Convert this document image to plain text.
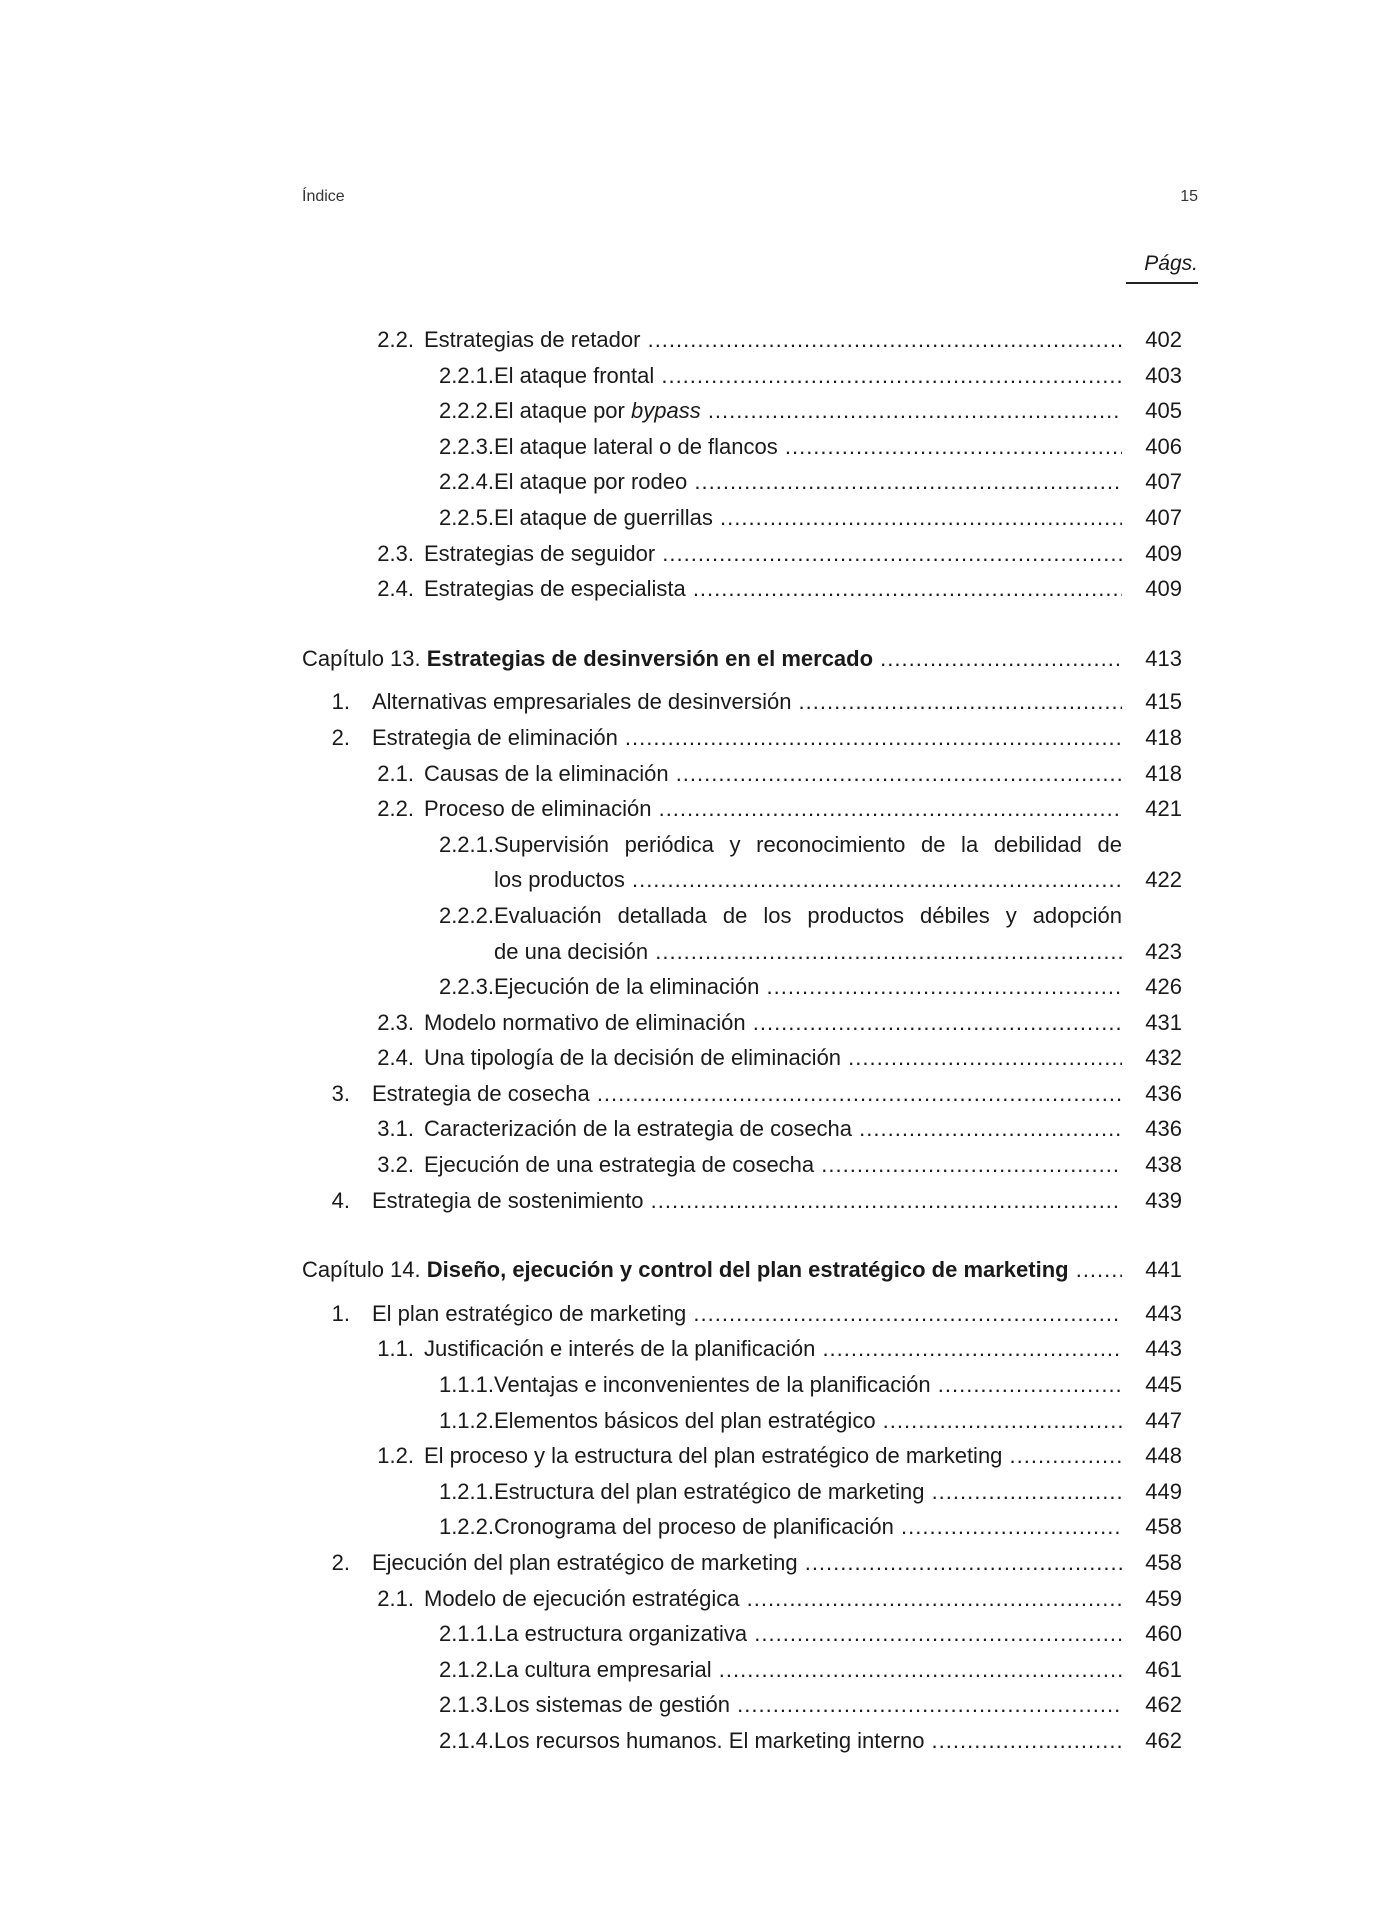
Índice	15
Págs.
2.2. Estrategias de retador .....	402
2.2.1. El ataque frontal .....	403
2.2.2. El ataque por bypass .....	405
2.2.3. El ataque lateral o de flancos .....	406
2.2.4. El ataque por rodeo .....	407
2.2.5. El ataque de guerrillas .....	407
2.3. Estrategias de seguidor .....	409
2.4. Estrategias de especialista .....	409
Capítulo 13. Estrategias de desinversión en el mercado .....	413
1. Alternativas empresariales de desinversión .....	415
2. Estrategia de eliminación .....	418
2.1. Causas de la eliminación .....	418
2.2. Proceso de eliminación .....	421
2.2.1. Supervisión periódica y reconocimiento de la debilidad de
los productos .....	422
2.2.2. Evaluación detallada de los productos débiles y adopción
de una decisión .....	423
2.2.3. Ejecución de la eliminación .....	426
2.3. Modelo normativo de eliminación .....	431
2.4. Una tipología de la decisión de eliminación .....	432
3. Estrategia de cosecha .....	436
3.1. Caracterización de la estrategia de cosecha .....	436
3.2. Ejecución de una estrategia de cosecha .....	438
4. Estrategia de sostenimiento .....	439
Capítulo 14. Diseño, ejecución y control del plan estratégico de marketing .....	441
1. El plan estratégico de marketing .....	443
1.1. Justificación e interés de la planificación .....	443
1.1.1. Ventajas e inconvenientes de la planificación .....	445
1.1.2. Elementos básicos del plan estratégico .....	447
1.2. El proceso y la estructura del plan estratégico de marketing .....	448
1.2.1. Estructura del plan estratégico de marketing .....	449
1.2.2. Cronograma del proceso de planificación .....	458
2. Ejecución del plan estratégico de marketing .....	458
2.1. Modelo de ejecución estratégica .....	459
2.1.1. La estructura organizativa .....	460
2.1.2. La cultura empresarial .....	461
2.1.3. Los sistemas de gestión .....	462
2.1.4. Los recursos humanos. El marketing interno .....	462
